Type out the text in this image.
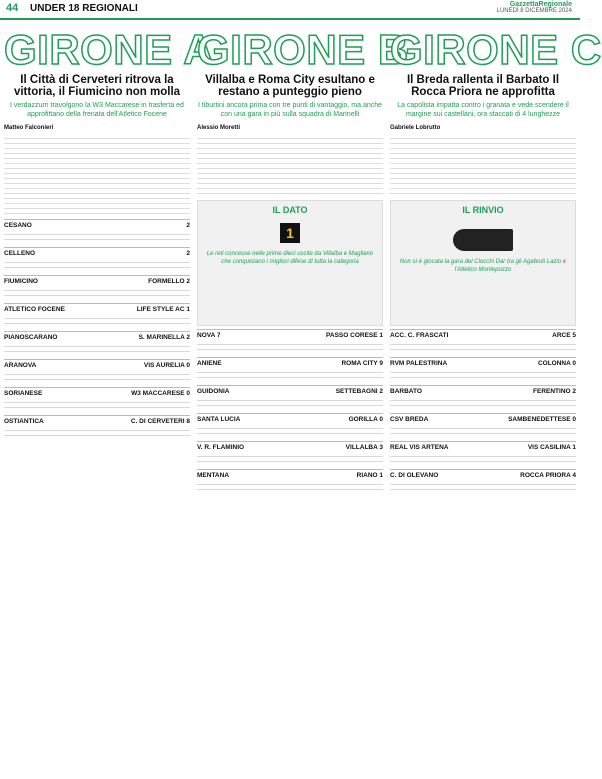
44 UNDER 18 REGIONALI	GazzettaRegionale
LUNEDÌ 8 DICEMBRE 2024
GIRONE A
Il Città di Cerveteri ritrova la vittoria, il Fiumicino non molla
I verdazzurri travolgono la W3 Maccarese in trasferta ed approfittano della frenata dell'Atletico Focene
Matteo Falconieri
CESANO	2
CELLENO	2
FIUMICINO	FORMELLO 2
ATLETICO FOCENE	LIFE STYLE AC 1
PIANOSCARANO	S. MARINELLA 2
ARANOVA	VIS AURELIA 0
SORIANESE	W3 MACCARESE 0
OSTIANTICA	C. DI CERVETERI 8
GIRONE B
Villalba e Roma City esultano e restano a punteggio pieno
I tiburtini ancora prima con tre punti di vantaggio, ma anche con una gara in più sulla squadra di Marinelli
Alessio Moretti
IL DATO
1

Le reti concesse nelle prime dieci uscite da Villalba e Magliano che conquistano i migliori difese di tutta la categoria

NOVA 7	PASSO CORESE 1
ANIENE	ROMA CITY 9
GUIDONIA	SETTEBAGNI 2
SANTA LUCIA	GORILLA 0
V. R. FLAMINIO	VILLALBA 3
MENTANA	RIANO 1
GIRONE C
Il Breda rallenta il Barbato Il Rocca Priora ne approfitta
La capolista impatta contro i granata e vede scendere il margine sui castellani, ora staccati di 4 lunghezze
Gabriele Lobrutto
IL RINVIO

Non si è giocata la gara del Ciocchi Dar tra gli Agafeuti Lazio e l'Atletico Montepozzo

ACC. C. FRASCATI	ARCE 5
RVM PALESTRINA	COLONNA 0
BARBATO	FERENTINO 2
CSV BREDA	SAMBENEDETTESE 0
REAL VIS ARTENA	VIS CASILINA 1
C. DI OLEVANO	ROCCA PRIORA 4
